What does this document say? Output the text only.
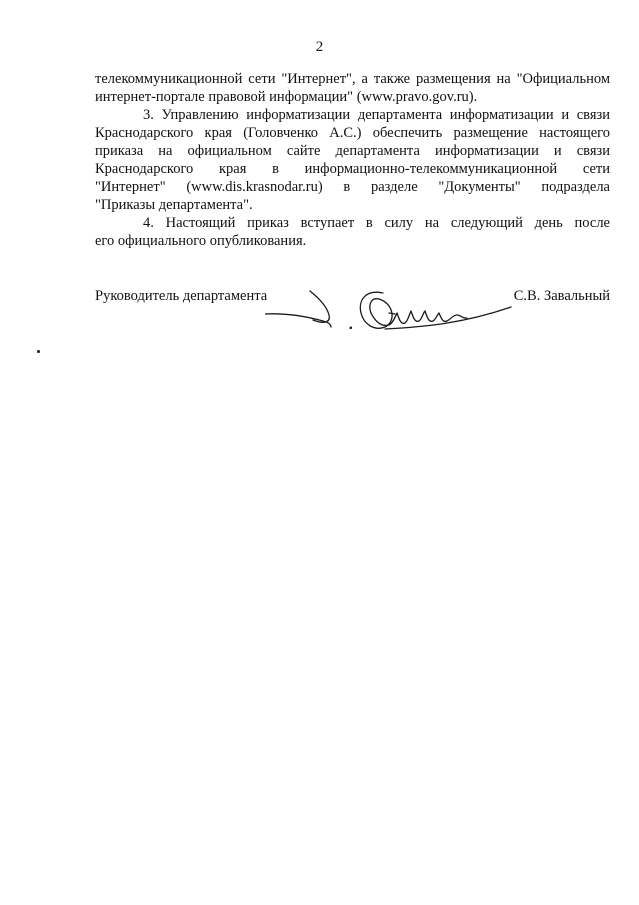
2
телекоммуникационной сети "Интернет", а также размещения на "Официальном
интернет-портале правовой информации" (www.pravo.gov.ru).
3. Управлению информатизации департамента информатизации и связи
Краснодарского края (Головченко А.С.) обеспечить размещение настоящего
приказа на официальном сайте департамента информатизации и связи
Краснодарского края в информационно-телекоммуникационной сети
"Интернет" (www.dis.krasnodar.ru) в разделе "Документы" подраздела
"Приказы департамента".
4. Настоящий приказ вступает в силу на следующий день после
его официального опубликования.
Руководитель департамента	С.В. Завальный
